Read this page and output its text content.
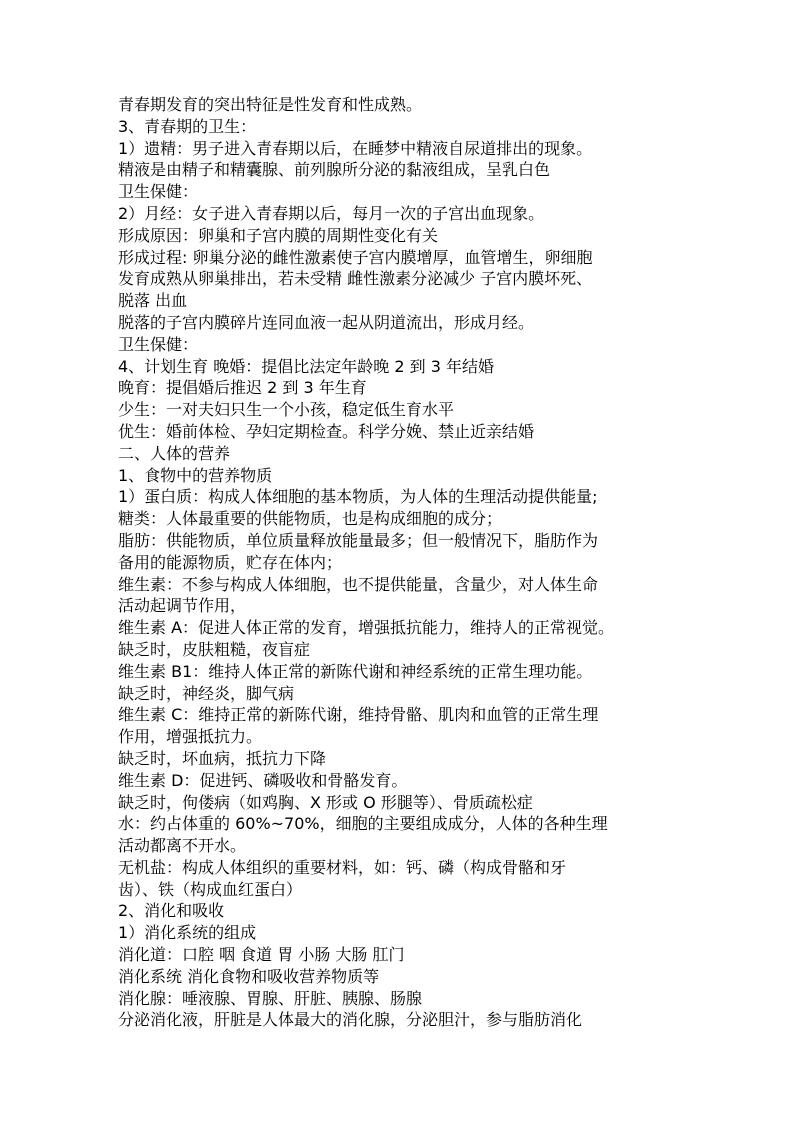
青春期发育的突出特征是性发育和性成熟。
3、青春期的卫生：
1）遗精：男子进入青春期以后，在睡梦中精液自尿道排出的现象。
精液是由精子和精囊腺、前列腺所分泌的黏液组成，呈乳白色
卫生保健：
2）月经：女子进入青春期以后，每月一次的子宫出血现象。
形成原因：卵巢和子宫内膜的周期性变化有关
形成过程: 卵巢分泌的雌性激素使子宫内膜增厚，血管增生，卵细胞
发育成熟从卵巢排出，若未受精 雌性激素分泌减少 子宫内膜坏死、
脱落 出血
脱落的子宫内膜碎片连同血液一起从阴道流出，形成月经。
卫生保健：
4、计划生育 晚婚：提倡比法定年龄晚 2 到 3 年结婚
晚育：提倡婚后推迟 2 到 3 年生育
少生：一对夫妇只生一个小孩，稳定低生育水平
优生：婚前体检、孕妇定期检查。科学分娩、禁止近亲结婚
二、人体的营养
1、食物中的营养物质
1）蛋白质：构成人体细胞的基本物质，为人体的生理活动提供能量;
糖类：人体最重要的供能物质，也是构成细胞的成分；
脂肪：供能物质，单位质量释放能量最多；但一般情况下，脂肪作为
备用的能源物质，贮存在体内；
维生素：不参与构成人体细胞，也不提供能量，含量少，对人体生命
活动起调节作用，
维生素 A：促进人体正常的发育，增强抵抗能力，维持人的正常视觉。
缺乏时，皮肤粗糙，夜盲症
维生素 B1：维持人体正常的新陈代谢和神经系统的正常生理功能。
缺乏时，神经炎，脚气病
维生素 C：维持正常的新陈代谢，维持骨骼、肌肉和血管的正常生理
作用，增强抵抗力。
缺乏时，坏血病，抵抗力下降
维生素 D：促进钙、磷吸收和骨骼发育。
缺乏时，佝偻病（如鸡胸、X 形或 O 形腿等）、骨质疏松症
水：约占体重的 60%~70%，细胞的主要组成成分，人体的各种生理
活动都离不开水。
无机盐：构成人体组织的重要材料，如：钙、磷（构成骨骼和牙
齿）、铁（构成血红蛋白）
2、消化和吸收
1）消化系统的组成
消化道：口腔 咽 食道 胃 小肠 大肠 肛门
消化系统 消化食物和吸收营养物质等
消化腺：唾液腺、胃腺、肝脏、胰腺、肠腺
分泌消化液，肝脏是人体最大的消化腺，分泌胆汁，参与脂肪消化
